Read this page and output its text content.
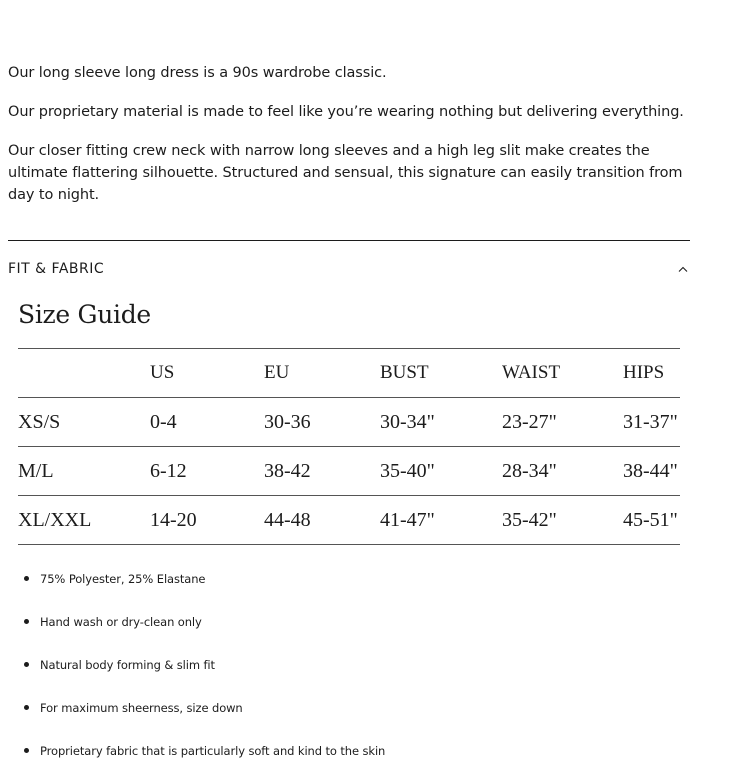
Our long sleeve long dress is a 90s wardrobe classic.

Our proprietary material is made to feel like you’re wearing nothing but delivering everything.

Our closer fitting crew neck with narrow long sleeves and a high leg slit make creates the ultimate flattering silhouette. Structured and sensual, this signature can easily transition from day to night.

FIT & FABRIC
Size Guide
	US	EU	BUST	WAIST	HIPS
XS/S	0-4	30-36	30-34"	23-27"	31-37"
M/L	6-12	38-42	35-40"	28-34"	38-44"
XL/XXL	14-20	44-48	41-47"	35-42"	45-51"
75% Polyester, 25% Elastane
Hand wash or dry-clean only
Natural body forming & slim fit
For maximum sheerness, size down
Proprietary fabric that is particularly soft and kind to the skin
